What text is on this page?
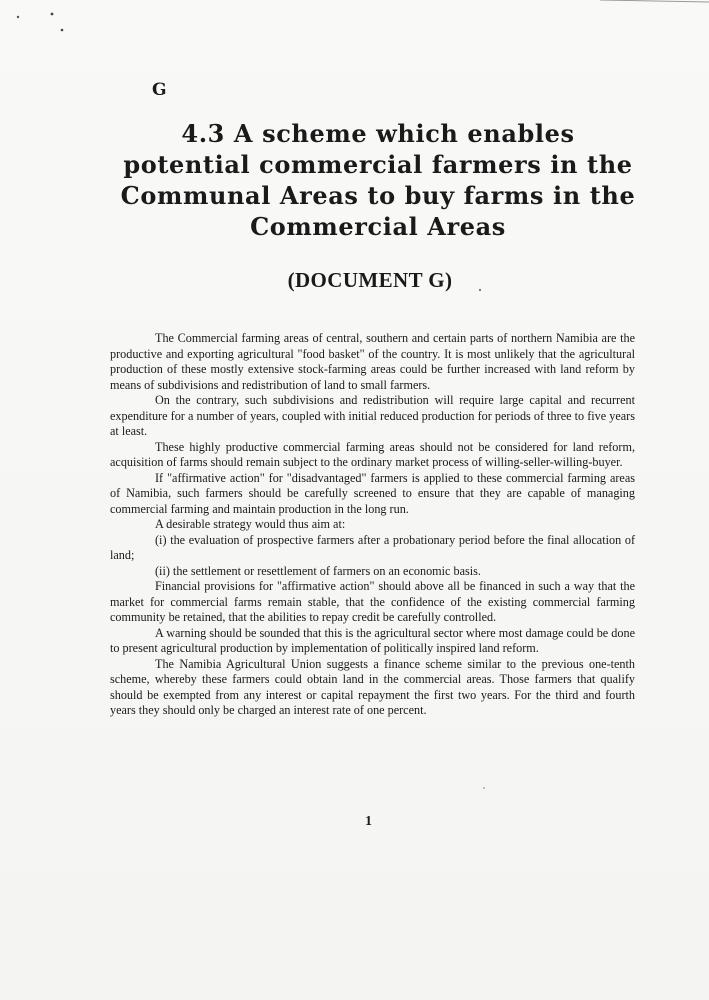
G
4.3 A scheme which enables
potential commercial farmers in the
Communal Areas to buy farms in the
Commercial Areas
(DOCUMENT G)

The Commercial farming areas of central, southern and certain parts of northern Namibia are the productive and exporting agricultural "food basket" of the country. It is most unlikely that the agricultural production of these mostly extensive stock-farming areas could be further increased with land reform by means of subdivisions and redistribution of land to small farmers.

On the contrary, such subdivisions and redistribution will require large capital and recurrent expenditure for a number of years, coupled with initial reduced production for periods of three to five years at least.

These highly productive commercial farming areas should not be considered for land reform, acquisition of farms should remain subject to the ordinary market process of willing-seller-willing-buyer.

If "affirmative action" for "disadvantaged" farmers is applied to these commercial farming areas of Namibia, such farmers should be carefully screened to ensure that they are capable of managing commercial farming and maintain production in the long run.

A desirable strategy would thus aim at:

(i) the evaluation of prospective farmers after a probationary period before the final allocation of land;

(ii) the settlement or resettlement of farmers on an economic basis.

Financial provisions for "affirmative action" should above all be financed in such a way that the market for commercial farms remain stable, that the confidence of the existing commercial farming community be retained, that the abilities to repay credit be carefully controlled.

A warning should be sounded that this is the agricultural sector where most damage could be done to present agricultural production by implementation of politically inspired land reform.

The Namibia Agricultural Union suggests a finance scheme similar to the previous one-tenth scheme, whereby these farmers could obtain land in the commercial areas. Those farmers that qualify should be exempted from any interest or capital repayment the first two years. For the third and fourth years they should only be charged an interest rate of one percent.

1
